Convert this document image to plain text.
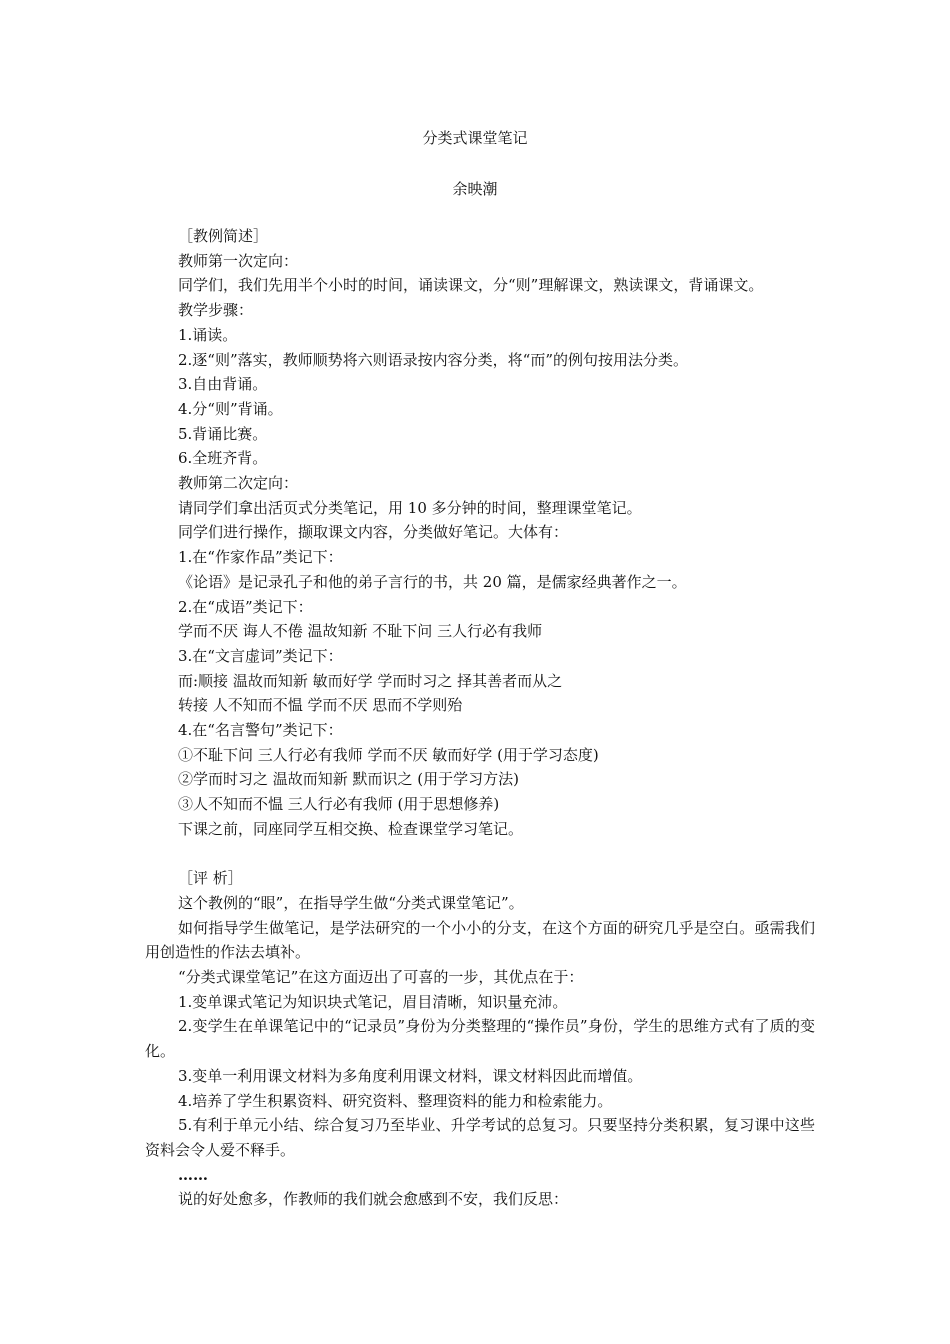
分类式课堂笔记
余映潮
［教例简述］
教师第一次定向：
同学们，我们先用半个小时的时间，诵读课文，分“则”理解课文，熟读课文，背诵课文。
教学步骤：
1.诵读。
2.逐“则”落实，教师顺势将六则语录按内容分类，将“而”的例句按用法分类。
3.自由背诵。
4.分“则”背诵。
5.背诵比赛。
6.全班齐背。
教师第二次定向：
请同学们拿出活页式分类笔记，用 10 多分钟的时间，整理课堂笔记。
同学们进行操作，撷取课文内容，分类做好笔记。大体有：
1.在“作家作品”类记下：
《论语》是记录孔子和他的弟子言行的书，共 20 篇，是儒家经典著作之一。
2.在“成语”类记下：
学而不厌 诲人不倦 温故知新 不耻下问 三人行必有我师
3.在“文言虚词”类记下：
而:顺接 温故而知新 敏而好学 学而时习之 择其善者而从之
转接 人不知而不愠 学而不厌 思而不学则殆
4.在“名言警句”类记下：
①不耻下问 三人行必有我师 学而不厌 敏而好学 (用于学习态度)
②学而时习之 温故而知新 默而识之 (用于学习方法)
③人不知而不愠 三人行必有我师 (用于思想修养)
下课之前，同座同学互相交换、检查课堂学习笔记。
［评 析］
这个教例的“眼”，在指导学生做“分类式课堂笔记”。
如何指导学生做笔记，是学法研究的一个小小的分支，在这个方面的研究几乎是空白。亟需我们用创造性的作法去填补。
“分类式课堂笔记”在这方面迈出了可喜的一步，其优点在于：
1.变单课式笔记为知识块式笔记，眉目清晰，知识量充沛。
2.变学生在单课笔记中的“记录员”身份为分类整理的“操作员”身份，学生的思维方式有了质的变化。
3.变单一利用课文材料为多角度利用课文材料，课文材料因此而增值。
4.培养了学生积累资料、研究资料、整理资料的能力和检索能力。
5.有利于单元小结、综合复习乃至毕业、升学考试的总复习。只要坚持分类积累，复习课中这些资料会令人爱不释手。
……
说的好处愈多，作教师的我们就会愈感到不安，我们反思：
